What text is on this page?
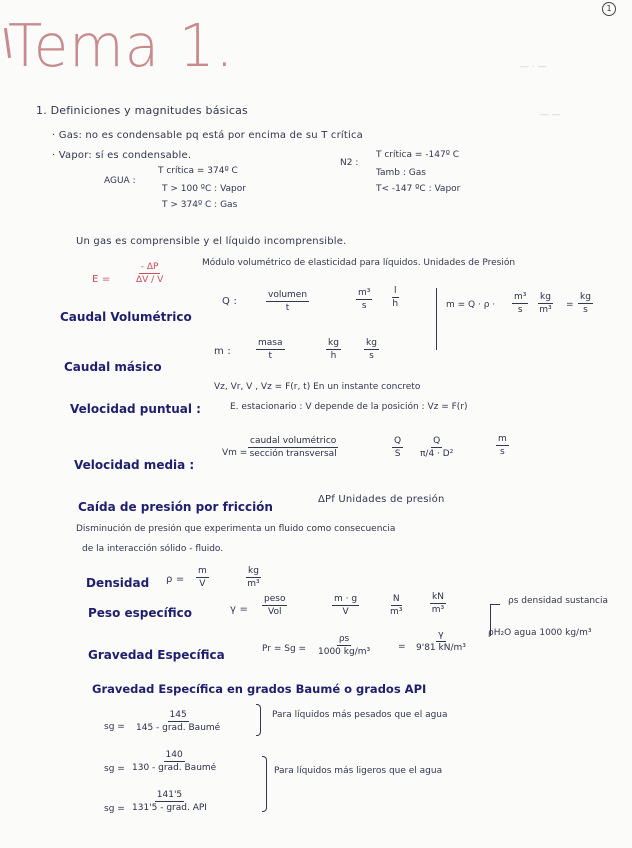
1
— · —
— —
Tema 1.
1. Definiciones y magnitudes básicas
· Gas: no es condensable pq está por encima de su T crítica
· Vapor: sí es condensable.
AGUA :
T crítica = 374º C
T > 100 ºC : Vapor
T > 374º C : Gas
N2 :
T crítica = -147º C
Tamb : Gas
T< -147 ºC : Vapor
Un gas es comprensible y el líquido incomprensible.
E =	$\frac{- \Delta P}{\Delta V / V}$	Módulo volumétrico de elasticidad para líquidos. Unidades de Presión
Caudal Volumétrico
Q :
volumen
t	$\frac{\text{m³}}{s} \frac{l}{h}$	$m = Q \cdot \rho \cdot \frac{\text{m³}}{s} \frac{kg}{\text{m³}} = \frac{kg}{s}$
Caudal másico
m :
masa
t	$\frac{kg}{h}$	$\frac{kg}{s}$
Velocidad puntual :
Vz, Vr, V , Vz = F(r, t) En un instante concreto
E. estacionario : V depende de la posición : Vz = F(r)
Velocidad media :
Vm =
caudal volumétrico
sección transversal	$\frac{Q}{S} \frac{Q}{\text{π/4 · D²}}$	$\frac{m}{s}$
Caída de presión por fricción
ΔPf Unidades de presión
Disminución de presión que experimenta un fluido como consecuencia
de la interacción sólido - fluido.
Densidad $\rho = \frac{m}{V}$	$\frac{kg}{\text{m³}}$
Peso específico	γ =
peso
Vol	$\frac{m \cdot g}{V}$	$\frac{N}{\text{m³}}$	$\frac{kN}{\text{m³}}$
Gravedad Específica	$Pr = Sg = \frac{\rho s}{\text{1000 kg/m³}}$	= $\frac{\gamma}{\text{9'81 kN/m³}}$
ρs densidad sustancia
ρH₂O agua 1000 kg/m³
Gravedad Específica en grados Baumé o grados API
sg =
145
145 - grad. Baumé
Para líquidos más pesados que el agua
sg =
140
130 - grad. Baumé	Para líquidos más ligeros que el agua
sg =
141'5
131'5 - grad. API
